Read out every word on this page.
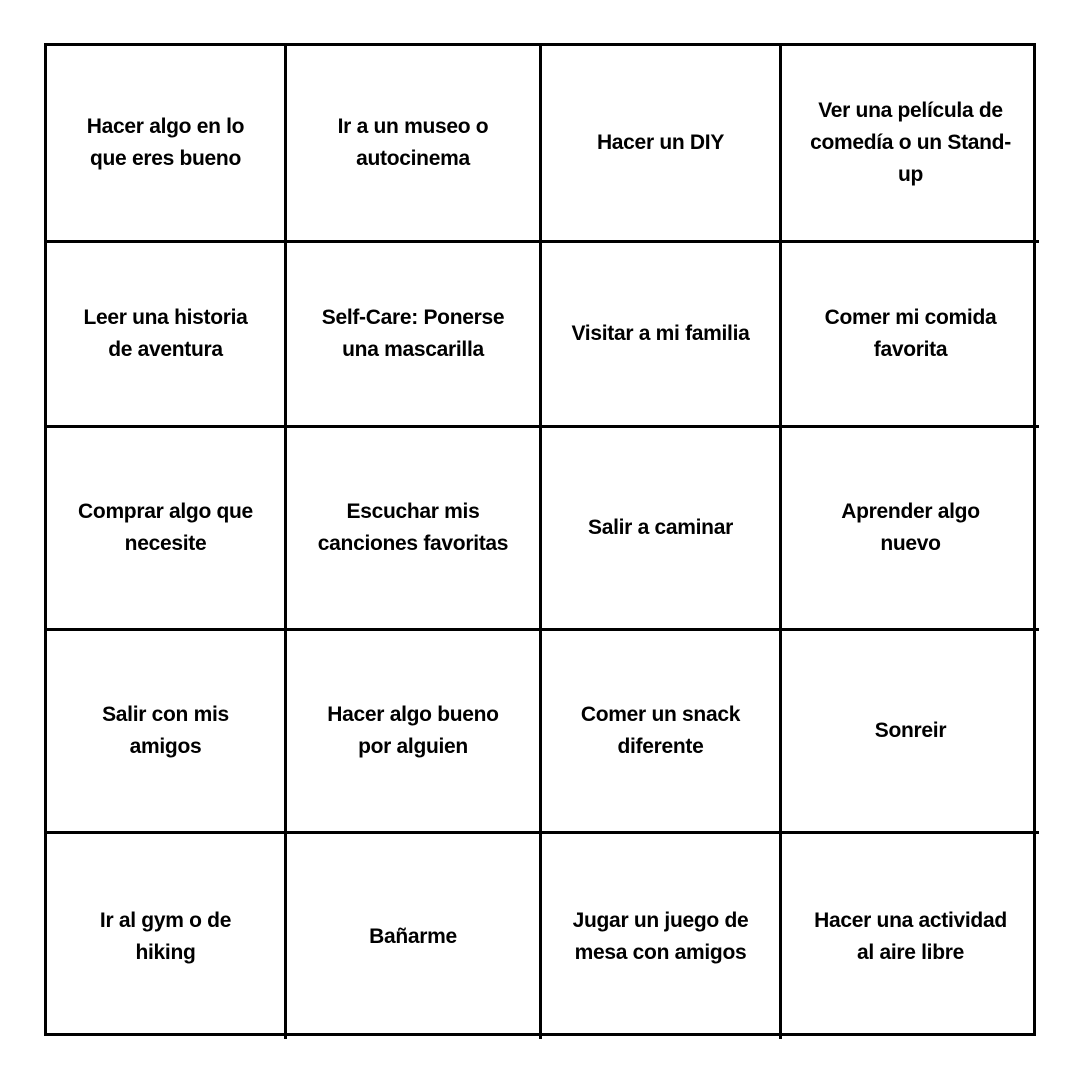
Hacer algo en lo que eres bueno
Ir a un museo o autocinema
Hacer un DIY
Ver una película de comedía o un Stand-up
Leer una historia de aventura
Self-Care: Ponerse una mascarilla
Visitar a mi familia
Comer mi comida favorita
Comprar algo que necesite
Escuchar mis canciones favoritas
Salir a caminar
Aprender algo nuevo
Salir con mis amigos
Hacer algo bueno por alguien
Comer un snack diferente
Sonreir
Ir al gym o de hiking
Bañarme
Jugar un juego de mesa con amigos
Hacer una actividad al aire libre
